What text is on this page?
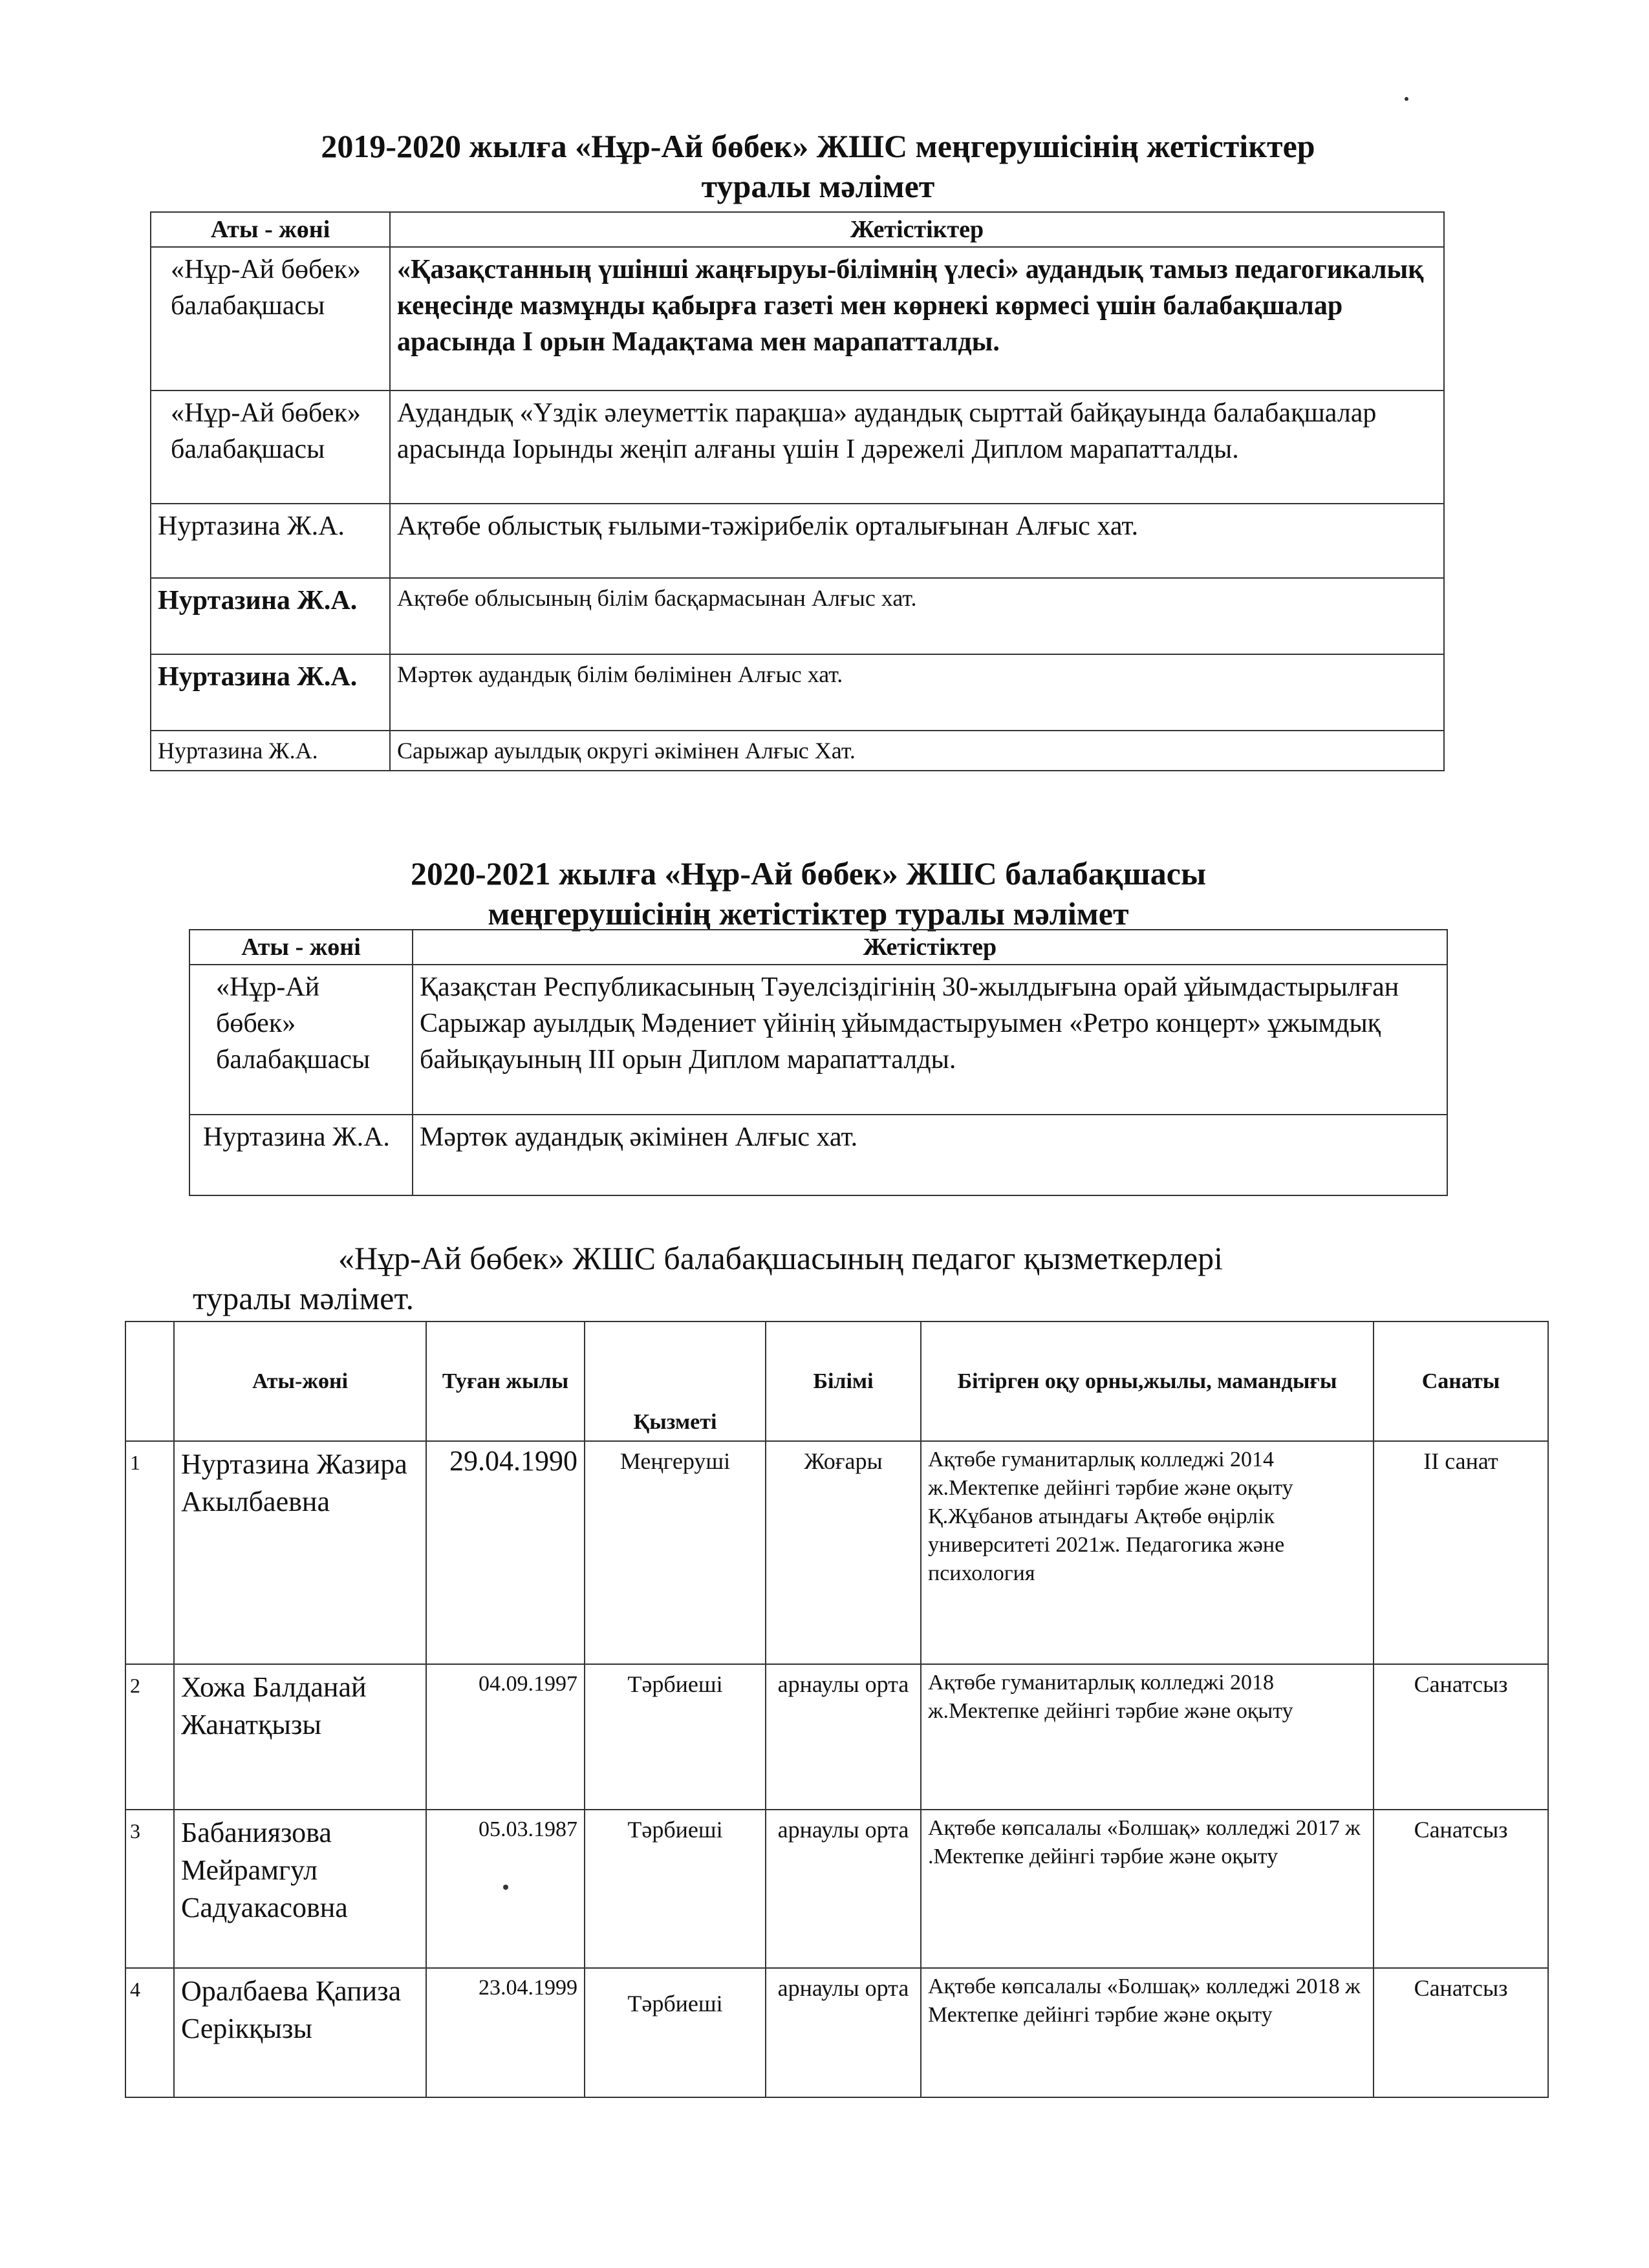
2019-2020 жылға «Нұр-Ай бөбек» ЖШС меңгерушісінің жетістіктер
туралы мәлімет
Аты - жөні	Жетістіктер
«Нұр-Ай бөбек» балабақшасы	«Қазақстанның үшінші жаңғыруы-білімнің үлесі» аудандық тамыз педагогикалық кеңесінде мазмұнды қабырға газеті мен көрнекі көрмесі үшін балабақшалар арасында I орын Мадақтама мен марапатталды.
«Нұр-Ай бөбек» балабақшасы	Аудандық «Үздік әлеуметтік парақша» аудандық сырттай байқауында балабақшалар арасында Iорынды жеңіп алғаны үшін I дәрежелі Диплом марапатталды.
Нуртазина Ж.А.	Ақтөбе облыстық ғылыми-тәжірибелік орталығынан Алғыс хат.
Нуртазина Ж.А.	Ақтөбе облысының білім басқармасынан Алғыс хат.
Нуртазина Ж.А.	Мәртөк аудандық білім бөлімінен Алғыс хат.
Нуртазина Ж.А.	Сарыжар ауылдық округі әкімінен Алғыс Хат.
2020-2021 жылға «Нұр-Ай бөбек» ЖШС балабақшасы
меңгерушісінің жетістіктер туралы мәлімет
Аты - жөні	Жетістіктер
«Нұр-Ай бөбек» балабақшасы	Қазақстан Республикасының Тәуелсіздігінің 30-жылдығына орай ұйымдастырылған Сарыжар ауылдық Мәдениет үйінің ұйымдастыруымен «Ретро концерт» ұжымдық байықауының III орын Диплом марапатталды.
Нуртазина Ж.А.	Мәртөк аудандық әкімінен Алғыс хат.
«Нұр-Ай бөбек» ЖШС балабақшасының педагог қызметкерлері
туралы мәлімет.
	Аты-жөні	Туған жылы	Қызметі	Білімі	Бітірген оқу орны,жылы, мамандығы	Санаты
1	Нуртазина Жазира Акылбаевна	29.04.1990	Меңгеруші	Жоғары	Ақтөбе гуманитарлық колледжі 2014 ж.Мектепке дейінгі тәрбие және оқыту Қ.Жұбанов атындағы Ақтөбе өңірлік университеті 2021ж. Педагогика және психология	II санат
2	Хожа Балданай Жанатқызы	04.09.1997	Тәрбиеші	арнаулы орта	Ақтөбе гуманитарлық колледжі 2018 ж.Мектепке дейінгі тәрбие және оқыту	Санатсыз
3	Бабаниязова Мейрамгул Садуакасовна	05.03.1987	Тәрбиеші	арнаулы орта	Ақтөбе көпсалалы «Болшақ» колледжі 2017 ж .Мектепке дейінгі тәрбие және оқыту	Санатсыз
4	Оралбаева Қапиза Серікқызы	23.04.1999	Тәрбиеші	арнаулы орта	Ақтөбе көпсалалы «Болшақ» колледжі 2018 ж Мектепке дейінгі тәрбие және оқыту	Санатсыз
